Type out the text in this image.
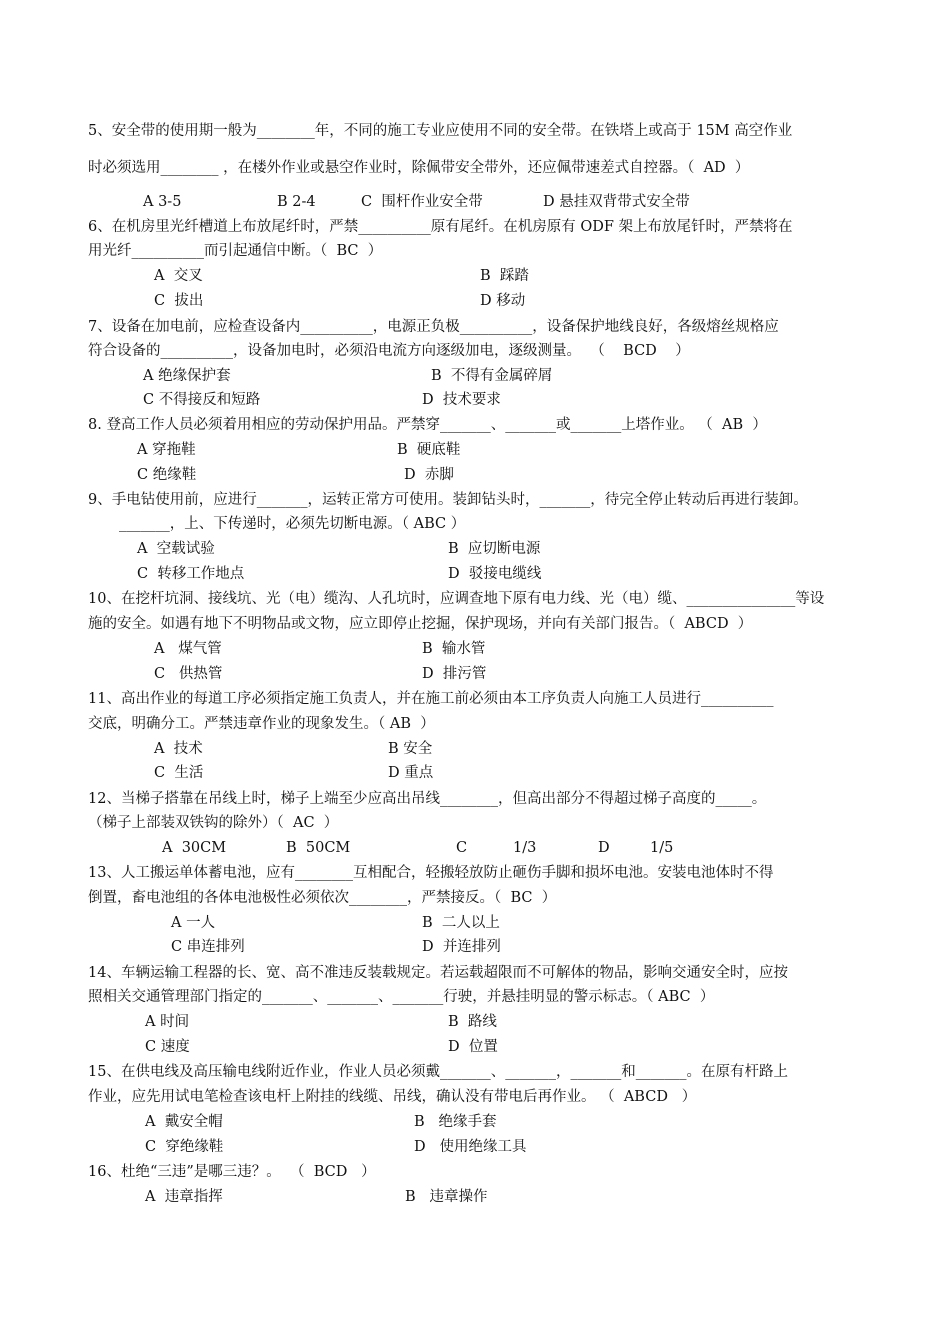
5、安全带的使用期一般为________年，不同的施工专业应使用不同的安全带。在铁塔上或高于 15M 高空作业
时必须选用________ ，在楼外作业或悬空作业时，除佩带安全带外，还应佩带速差式自控器。（  AD  ）
A 3-5	B 2-4	C  围杆作业安全带	D 悬挂双背带式安全带
6、在机房里光纤槽道上布放尾纤时，严禁__________原有尾纤。在机房原有 ODF 架上布放尾钎时，严禁将在
用光纤__________而引起通信中断。（  BC  ）
A  交叉	B  踩踏
C  拔出	D 移动
7、设备在加电前，应检查设备内__________，电源正负极__________，设备保护地线良好，各级熔丝规格应
符合设备的__________，设备加电时，必须沿电流方向逐级加电，逐级测量。  （    BCD    ）
A 绝缘保护套	B  不得有金属碎屑
C 不得接反和短路	D  技术要求
8. 登高工作人员必须着用相应的劳动保护用品。严禁穿_______、_______或_______上塔作业。 （  AB  ）
A 穿拖鞋	B  硬底鞋
C 绝缘鞋	D  赤脚
9、手电钻使用前，应进行_______，运转正常方可使用。装卸钻头时，_______，待完全停止转动后再进行装卸。
_______，上、下传递时，必须先切断电源。（ ABC ）
A  空载试验	B  应切断电源
C  转移工作地点	D  驳接电缆线
10、在挖杆坑洞、接线坑、光（电）缆沟、人孔坑时，应调查地下原有电力线、光（电）缆、_______________等设
施的安全。如遇有地下不明物品或文物，应立即停止挖掘，保护现场，并向有关部门报告。（  ABCD  ）
A   煤气管	B  输水管
C   供热管	D  排污管
11、高出作业的每道工序必须指定施工负责人，并在施工前必须由本工序负责人向施工人员进行__________
交底，明确分工。严禁违章作业的现象发生。（ AB  ）
A  技术	B 安全
C  生活	D 重点
12、当梯子搭靠在吊线上时，梯子上端至少应高出吊线________，但高出部分不得超过梯子高度的_____。
（梯子上部装双铁钩的除外）（  AC  ）
A  30CM	B  50CM	C	1/3	D	1/5
13、人工搬运单体蓄电池，应有________互相配合，轻搬轻放防止砸伤手脚和损坏电池。安装电池体时不得
倒置，畜电池组的各体电池极性必须依次________，严禁接反。（  BC  ）
A 一人	B  二人以上
C 串连排列	D  并连排列
14、车辆运输工程器的长、宽、高不准违反装载规定。若运载超限而不可解体的物品，影响交通安全时，应按
照相关交通管理部门指定的_______、_______、_______行驶，并悬挂明显的警示标志。（ ABC  ）
A 时间	B  路线
C 速度	D  位置
15、在供电线及高压输电线附近作业，作业人员必须戴_______、_______，_______和_______。在原有杆路上
作业，应先用试电笔检查该电杆上附挂的线缆、吊线，确认没有带电后再作业。 （  ABCD   ）
A  戴安全帽	B   绝缘手套
C  穿绝缘鞋	D   使用绝缘工具
16、杜绝“三违”是哪三违？。  （  BCD   ）
A  违章指挥	B   违章操作
